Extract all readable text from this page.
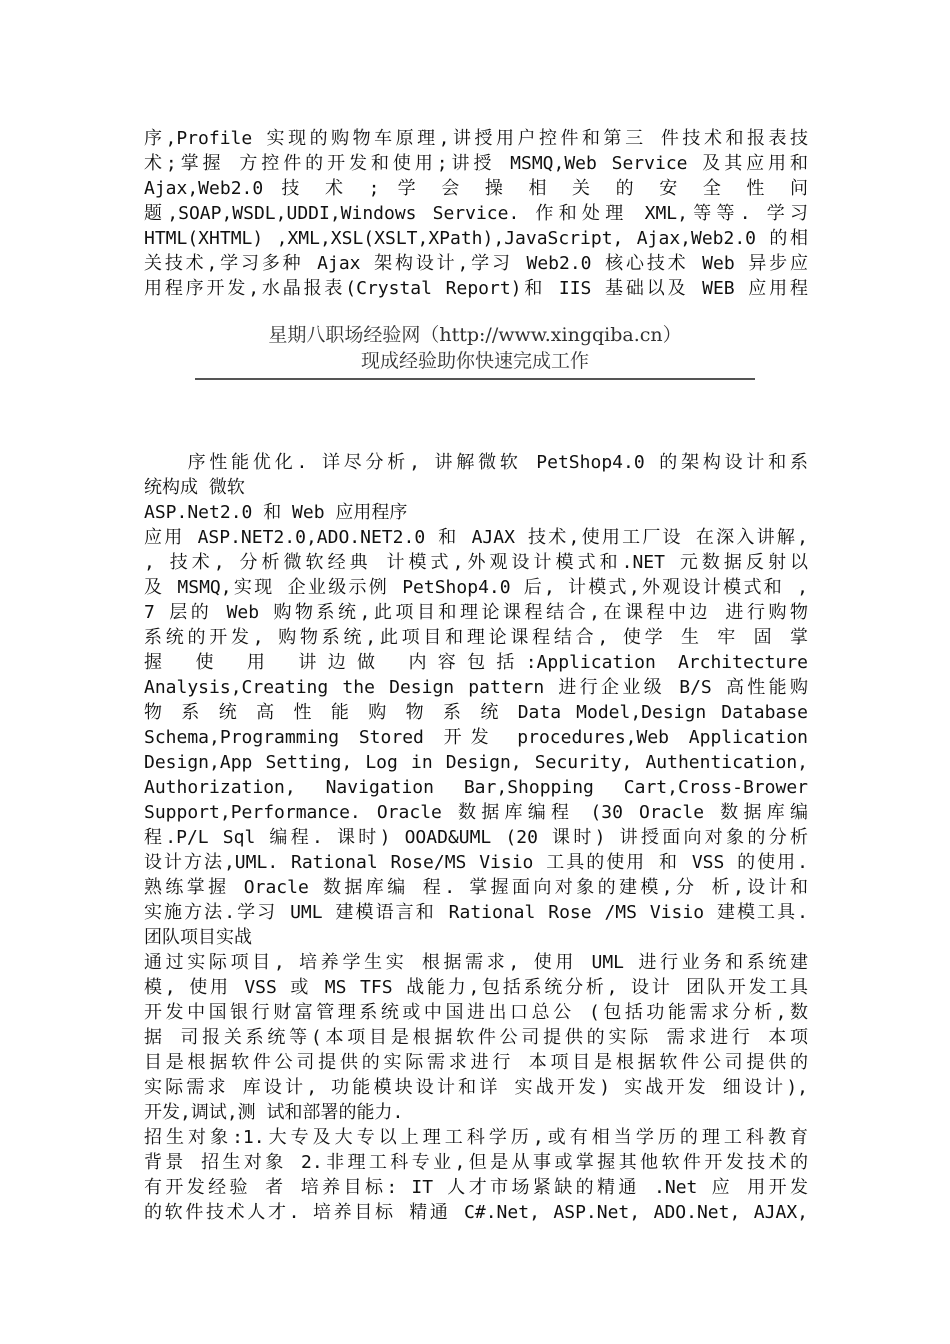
序,Profile 实现的购物车原理,讲授用户控件和第三 件技术和报表技
术;掌握 方控件的开发和使用;讲授 MSMQ,Web Service 及其应用和
Ajax,Web2.0 技 术 ; 学 会 操 相 关 的 安 全 性 问
题,SOAP,WSDL,UDDI,Windows Service. 作和处理 XML,等等. 学习
HTML(XHTML) ,XML,XSL(XSLT,XPath),JavaScript, Ajax,Web2.0 的相
关技术,学习多种 Ajax 架构设计,学习 Web2.0 核心技术 Web 异步应
用程序开发,水晶报表(Crystal Report)和 IIS 基础以及 WEB 应用程
星期八职场经验网（http://www.xingqiba.cn）
现成经验助你快速完成工作
　　序性能优化. 详尽分析, 讲解微软 PetShop4.0 的架构设计和系
统构成 微软
ASP.Net2.0 和 Web 应用程序
应用 ASP.NET2.0,ADO.NET2.0 和 AJAX 技术,使用工厂设 在深入讲解,
, 技术, 分析微软经典 计模式,外观设计模式和.NET 元数据反射以
及 MSMQ,实现 企业级示例 PetShop4.0 后, 计模式,外观设计模式和 ,
7 层的 Web 购物系统,此项目和理论课程结合,在课程中边 进行购物
系统的开发, 购物系统,此项目和理论课程结合, 使学 生 牢 固 掌
握 使 用 讲边做 内容包括:Application Architecture
Analysis,Creating the Design pattern 进行企业级 B/S 高性能购
物 系 统 高 性 能 购 物 系 统 Data Model,Design Database
Schema,Programming Stored 开发 procedures,Web Application
Design,App Setting, Log in Design, Security, Authentication,
Authorization, Navigation Bar,Shopping Cart,Cross-Brower
Support,Performance. Oracle 数据库编程 (30 Oracle 数据库编
程.P/L Sql 编程. 课时) OOAD&UML (20 课时) 讲授面向对象的分析
设计方法,UML. Rational Rose/MS Visio 工具的使用 和 VSS 的使用.
熟练掌握 Oracle 数据库编 程. 掌握面向对象的建模,分 析,设计和
实施方法.学习 UML 建模语言和 Rational Rose /MS Visio 建模工具.
团队项目实战
通过实际项目, 培养学生实 根据需求, 使用 UML 进行业务和系统建
模, 使用 VSS 或 MS TFS 战能力,包括系统分析, 设计 团队开发工具
开发中国银行财富管理系统或中国进出口总公 (包括功能需求分析,数
据 司报关系统等(本项目是根据软件公司提供的实际 需求进行 本项
目是根据软件公司提供的实际需求进行 本项目是根据软件公司提供的
实际需求 库设计, 功能模块设计和详 实战开发) 实战开发 细设计),
开发,调试,测 试和部署的能力.
招生对象:1.大专及大专以上理工科学历,或有相当学历的理工科教育
背景 招生对象 2.非理工科专业,但是从事或掌握其他软件开发技术的
有开发经验 者 培养目标: IT 人才市场紧缺的精通 .Net 应 用开发
的软件技术人才. 培养目标 精通 C#.Net, ASP.Net, ADO.Net, AJAX,
